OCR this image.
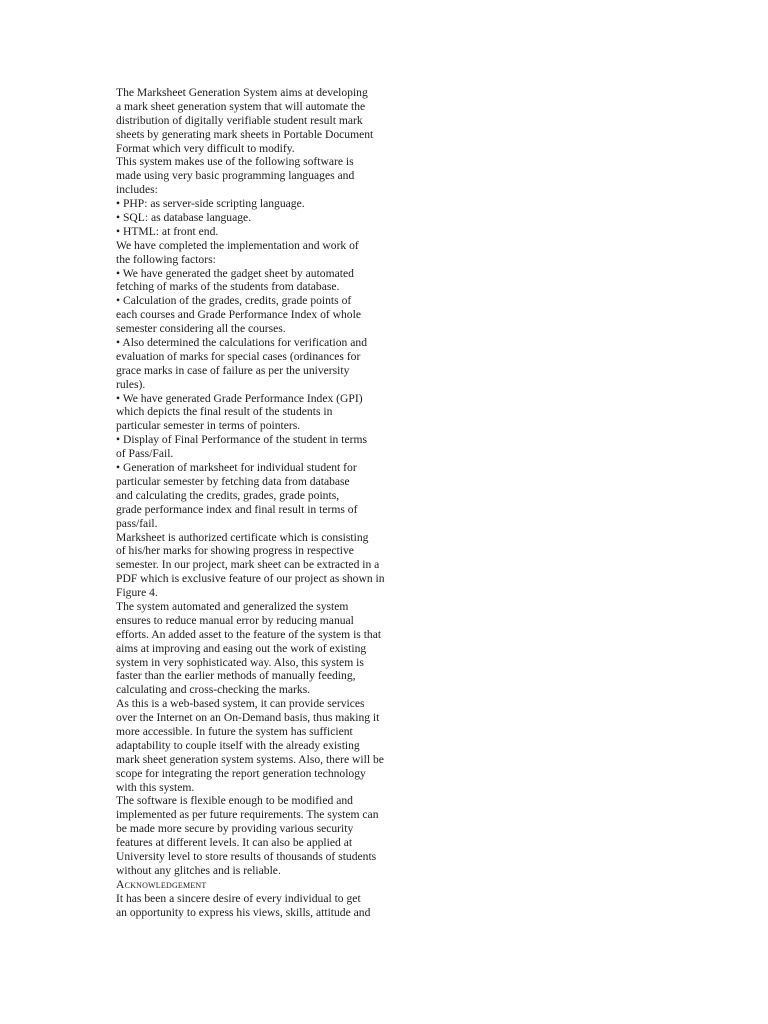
The Marksheet Generation System aims at developing
a mark sheet generation system that will automate the
distribution of digitally verifiable student result mark
sheets by generating mark sheets in Portable Document
Format which very difficult to modify.
This system makes use of the following software is
made using very basic programming languages and
includes:
• PHP: as server-side scripting language.
• SQL: as database language.
• HTML: at front end.
We have completed the implementation and work of
the following factors:
• We have generated the gadget sheet by automated
fetching of marks of the students from database.
• Calculation of the grades, credits, grade points of
each courses and Grade Performance Index of whole
semester considering all the courses.
• Also determined the calculations for verification and
evaluation of marks for special cases (ordinances for
grace marks in case of failure as per the university
rules).
• We have generated Grade Performance Index (GPI)
which depicts the final result of the students in
particular semester in terms of pointers.
• Display of Final Performance of the student in terms
of Pass/Fail.
• Generation of marksheet for individual student for
particular semester by fetching data from database
and calculating the credits, grades, grade points,
grade performance index and final result in terms of
pass/fail.
Marksheet is authorized certificate which is consisting
of his/her marks for showing progress in respective
semester. In our project, mark sheet can be extracted in a
PDF which is exclusive feature of our project as shown in
Figure 4.
The system automated and generalized the system
ensures to reduce manual error by reducing manual
efforts. An added asset to the feature of the system is that
aims at improving and easing out the work of existing
system in very sophisticated way. Also, this system is
faster than the earlier methods of manually feeding,
calculating and cross-checking the marks.
As this is a web-based system, it can provide services
over the Internet on an On-Demand basis, thus making it
more accessible. In future the system has sufficient
adaptability to couple itself with the already existing
mark sheet generation system systems. Also, there will be
scope for integrating the report generation technology
with this system.
The software is flexible enough to be modified and
implemented as per future requirements. The system can
be made more secure by providing various security
features at different levels. It can also be applied at
University level to store results of thousands of students
without any glitches and is reliable.
Acknowledgement
It has been a sincere desire of every individual to get
an opportunity to express his views, skills, attitude and
